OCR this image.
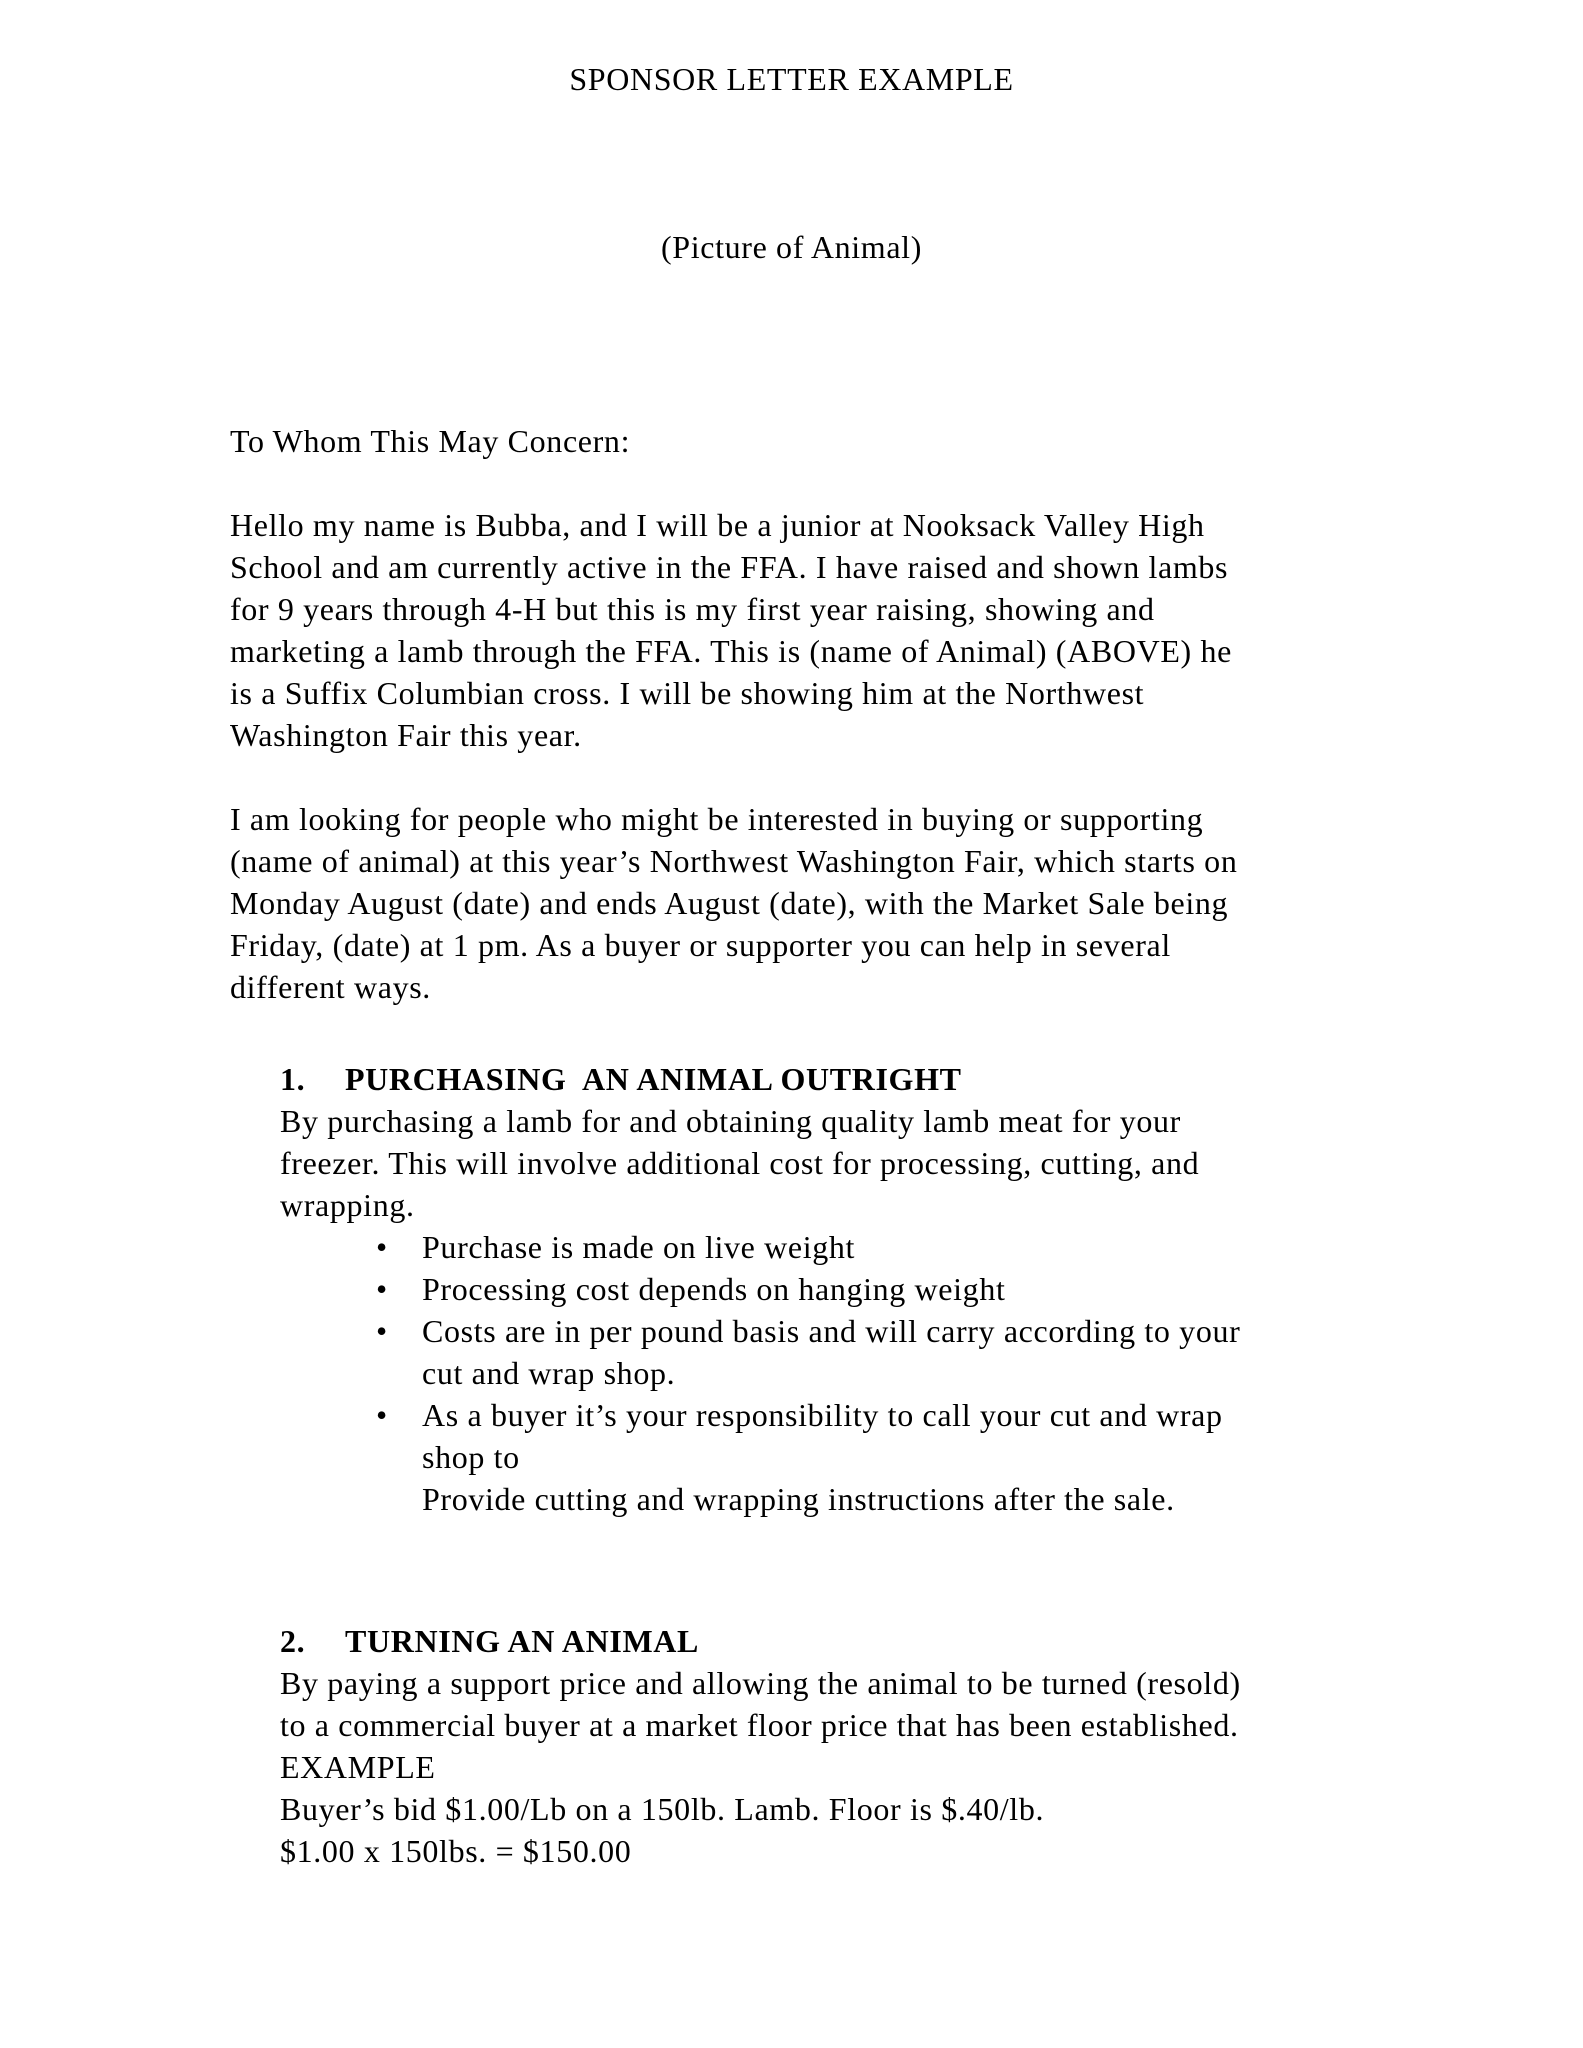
SPONSOR LETTER EXAMPLE
(Picture of Animal)
To Whom This May Concern:
Hello my name is Bubba, and I will be a junior at Nooksack Valley High
School and am currently active in the FFA. I have raised and shown lambs
for 9 years through 4-H but this is my first year raising, showing and
marketing a lamb through the FFA. This is (name of Animal) (ABOVE) he
is a Suffix Columbian cross. I will be showing him at the Northwest
Washington Fair this year.
I am looking for people who might be interested in buying or supporting
(name of animal) at this year’s Northwest Washington Fair, which starts on
Monday August (date) and ends August (date), with the Market Sale being
Friday, (date) at 1 pm. As a buyer or supporter you can help in several
different ways.
1. PURCHASING  AN ANIMAL OUTRIGHT
By purchasing a lamb for and obtaining quality lamb meat for your
freezer. This will involve additional cost for processing, cutting, and
wrapping.
•	Purchase is made on live weight
•	Processing cost depends on hanging weight
•	Costs are in per pound basis and will carry according to your
cut and wrap shop.
•	As a buyer it’s your responsibility to call your cut and wrap
shop to
Provide cutting and wrapping instructions after the sale.
2. TURNING AN ANIMAL
By paying a support price and allowing the animal to be turned (resold)
to a commercial buyer at a market floor price that has been established.
EXAMPLE
Buyer’s bid $1.00/Lb on a 150lb. Lamb. Floor is $.40/lb.
$1.00 x 150lbs. = $150.00
